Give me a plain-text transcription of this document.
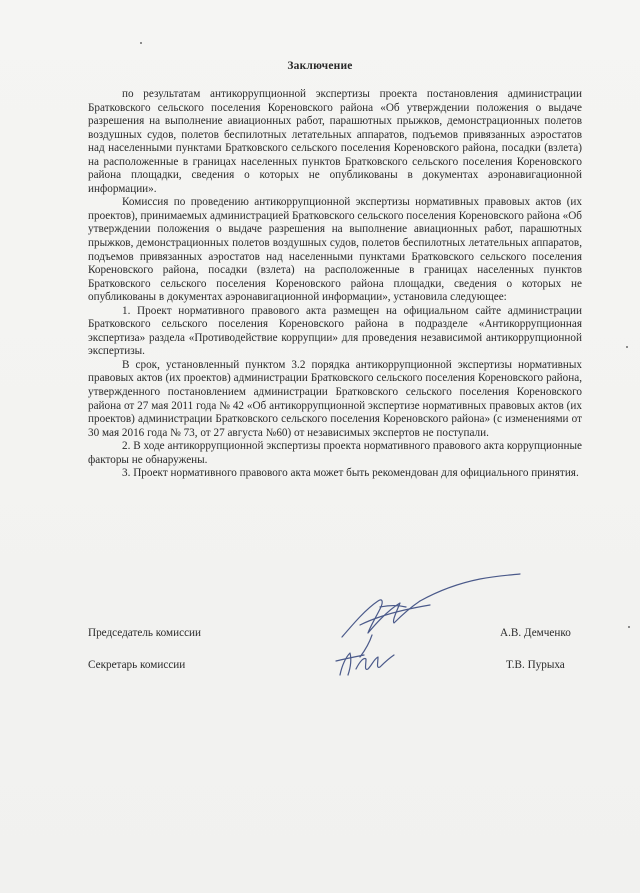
Заключение

по результатам антикоррупционной экспертизы проекта постановления администрации Братковского сельского поселения Кореновского района «Об утверждении положения о выдаче разрешения на выполнение авиационных работ, парашютных прыжков, демонстрационных полетов воздушных судов, полетов беспилотных летательных аппаратов, подъемов привязанных аэростатов над населенными пунктами Братковского сельского поселения Кореновского района, посадки (взлета) на расположенные в границах населенных пунктов Братковского сельского поселения Кореновского района площадки, сведения о которых не опубликованы в документах аэронавигационной информации».

Комиссия по проведению антикоррупционной экспертизы нормативных правовых актов (их проектов), принимаемых администрацией Братковского сельского поселения Кореновского района «Об утверждении положения о выдаче разрешения на выполнение авиационных работ, парашютных прыжков, демонстрационных полетов воздушных судов, полетов беспилотных летательных аппаратов, подъемов привязанных аэростатов над населенными пунктами Братковского сельского поселения Кореновского района, посадки (взлета) на расположенные в границах населенных пунктов Братковского сельского поселения Кореновского района площадки, сведения о которых не опубликованы в документах аэронавигационной информации», установила следующее:

1. Проект нормативного правового акта размещен на официальном сайте администрации Братковского сельского поселения Кореновского района в подразделе «Антикоррупционная экспертиза» раздела «Противодействие коррупции» для проведения независимой антикоррупционной экспертизы.

В срок, установленный пунктом 3.2 порядка антикоррупционной экспертизы нормативных правовых актов (их проектов) администрации Братковского сельского поселения Кореновского района, утвержденного постановлением администрации Братковского сельского поселения Кореновского района от 27 мая 2011 года № 42 «Об антикоррупционной экспертизе нормативных правовых актов (их проектов) администрации Братковского сельского поселения Кореновского района» (с изменениями от 30 мая 2016 года № 73, от 27 августа №60) от независимых экспертов не поступали.

2. В ходе антикоррупционной экспертизы проекта нормативного правового акта коррупционные факторы не обнаружены.

3. Проект нормативного правового акта может быть рекомендован для официального принятия.

Председатель комиссии	А.В. Демченко
Секретарь комиссии	Т.В. Пурыха
